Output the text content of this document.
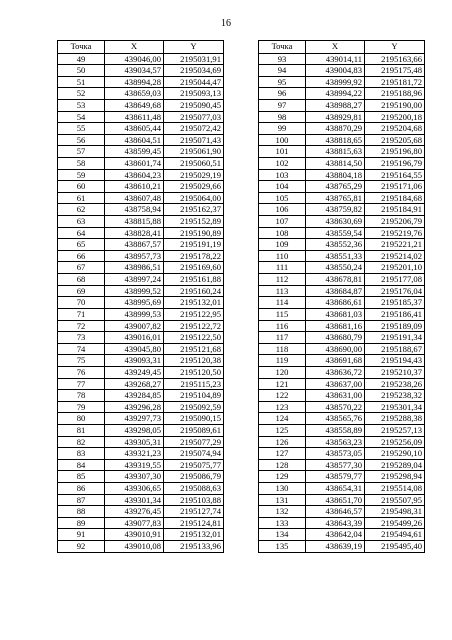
16
Точка	X	Y
49	439046,00	2195031,91
50	439034,57	2195034,69
51	438994,28	2195044,47
52	438659,03	2195093,13
53	438649,68	2195090,45
54	438611,48	2195077,03
55	438605,44	2195072,42
56	438604,51	2195071,43
57	438599,45	2195061,90
58	438601,74	2195060,51
59	438604,23	2195029,19
60	438610,21	2195029,66
61	438607,48	2195064,00
62	438758,94	2195162,37
63	438815,88	2195152,89
64	438828,41	2195190,89
65	438867,57	2195191,19
66	438957,73	2195178,22
67	438986,51	2195169,60
68	438997,24	2195161,88
69	438999,52	2195160,24
70	438995,69	2195132,01
71	438999,53	2195122,95
72	439007,82	2195122,72
73	439016,01	2195122,50
74	439045,80	2195121,68
75	439093,31	2195120,38
76	439249,45	2195120,50
77	439268,27	2195115,23
78	439284,85	2195104,89
79	439296,28	2195092,59
80	439297,73	2195090,15
81	439298,05	2195089,61
82	439305,31	2195077,29
83	439321,23	2195074,94
84	439319,55	2195075,77
85	439307,30	2195086,79
86	439306,65	2195088,63
87	439301,34	2195103,88
88	439276,45	2195127,74
89	439077,83	2195124,81
91	439010,91	2195132,01
92	439010,08	2195133,96
Точка	X	Y
93	439014,11	2195163,66
94	439004,83	2195175,48
95	438999,92	2195181,72
96	438994,22	2195188,96
97	438988,27	2195190,00
98	438929,81	2195200,18
99	438870,29	2195204,68
100	438818,65	2195205,68
101	438815,63	2195196,80
102	438814,50	2195196,79
103	438804,18	2195164,55
104	438765,29	2195171,06
105	438765,81	2195184,68
106	438759,82	2195184,91
107	438630,69	2195206,79
108	438559,54	2195219,76
109	438552,36	2195221,21
110	438551,33	2195214,02
111	438550,24	2195201,10
112	438678,81	2195177,08
113	438684,87	2195176,04
114	438686,61	2195185,37
115	438681,03	2195186,41
116	438681,16	2195189,09
117	438680,79	2195191,34
118	438690,00	2195188,67
119	438691,68	2195194,43
120	438636,72	2195210,37
121	438637,00	2195238,26
122	438631,00	2195238,32
123	438570,22	2195301,34
124	438565,76	2195288,38
125	438558,89	2195257,13
126	438563,23	2195256,09
127	438573,05	2195290,10
128	438577,30	2195289,04
129	438579,77	2195298,94
130	438654,31	2195514,08
131	438651,70	2195507,95
132	438646,57	2195498,31
133	438643,39	2195499,26
134	438642,04	2195494,61
135	438639,19	2195495,40
